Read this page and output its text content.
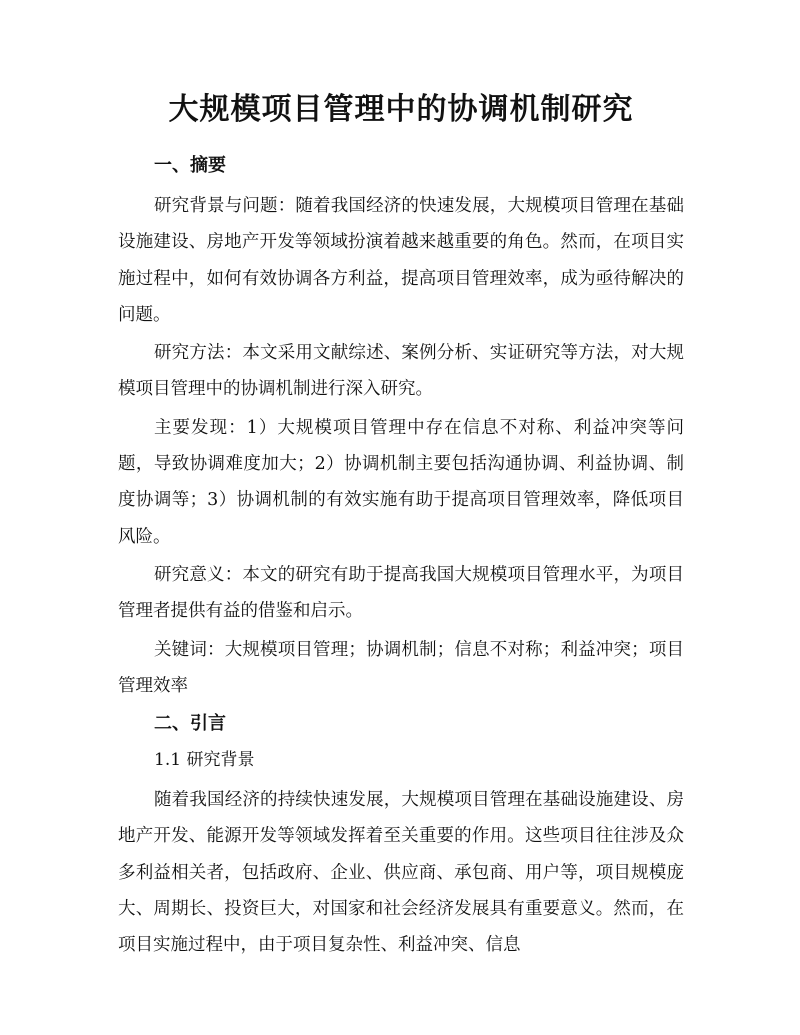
大规模项目管理中的协调机制研究
一、摘要

研究背景与问题：随着我国经济的快速发展，大规模项目管理在基础设施建设、房地产开发等领域扮演着越来越重要的角色。然而，在项目实施过程中，如何有效协调各方利益，提高项目管理效率，成为亟待解决的问题。

研究方法：本文采用文献综述、案例分析、实证研究等方法，对大规模项目管理中的协调机制进行深入研究。

主要发现：1）大规模项目管理中存在信息不对称、利益冲突等问题，导致协调难度加大；2）协调机制主要包括沟通协调、利益协调、制度协调等；3）协调机制的有效实施有助于提高项目管理效率，降低项目风险。

研究意义：本文的研究有助于提高我国大规模项目管理水平，为项目管理者提供有益的借鉴和启示。

关键词：大规模项目管理；协调机制；信息不对称；利益冲突；项目管理效率

二、引言
1.1 研究背景

随着我国经济的持续快速发展，大规模项目管理在基础设施建设、房地产开发、能源开发等领域发挥着至关重要的作用。这些项目往往涉及众多利益相关者，包括政府、企业、供应商、承包商、用户等，项目规模庞大、周期长、投资巨大，对国家和社会经济发展具有重要意义。然而，在项目实施过程中，由于项目复杂性、利益冲突、信息
